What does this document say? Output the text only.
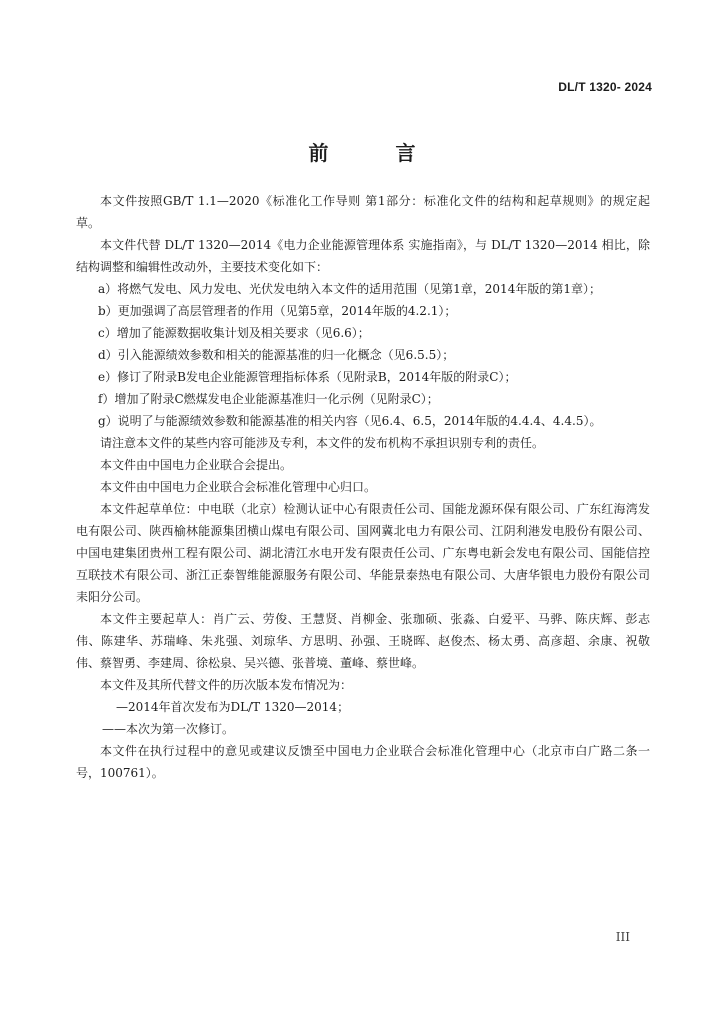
DL/T 1320- 2024
前 言

本文件按照GB/T 1.1—2020《标准化工作导则 第1部分：标准化文件的结构和起草规则》的规定起草。

本文件代替 DL/T 1320—2014《电力企业能源管理体系 实施指南》，与 DL/T 1320—2014 相比，除结构调整和编辑性改动外，主要技术变化如下：

a）将燃气发电、风力发电、光伏发电纳入本文件的适用范围（见第1章，2014年版的第1章）；

b）更加强调了高层管理者的作用（见第5章，2014年版的4.2.1）；

c）增加了能源数据收集计划及相关要求（见6.6）；

d）引入能源绩效参数和相关的能源基准的归一化概念（见6.5.5）；

e）修订了附录B发电企业能源管理指标体系（见附录B，2014年版的附录C）；

f）增加了附录C燃煤发电企业能源基准归一化示例（见附录C）；

g）说明了与能源绩效参数和能源基准的相关内容（见6.4、6.5，2014年版的4.4.4、4.4.5）。

请注意本文件的某些内容可能涉及专利，本文件的发布机构不承担识别专利的责任。

本文件由中国电力企业联合会提出。

本文件由中国电力企业联合会标准化管理中心归口。

本文件起草单位：中电联（北京）检测认证中心有限责任公司、国能龙源环保有限公司、广东红海湾发电有限公司、陕西榆林能源集团横山煤电有限公司、国网冀北电力有限公司、江阴利港发电股份有限公司、中国电建集团贵州工程有限公司、湖北清江水电开发有限责任公司、广东粤电新会发电有限公司、国能信控互联技术有限公司、浙江正泰智维能源服务有限公司、华能景泰热电有限公司、大唐华银电力股份有限公司耒阳分公司。

本文件主要起草人：肖广云、劳俊、王慧贤、肖柳金、张珈硕、张淼、白爱平、马骅、陈庆辉、彭志伟、陈建华、苏瑞峰、朱兆强、刘琼华、方思明、孙强、王晓晖、赵俊杰、杨太勇、高彦超、余康、祝敬伟、蔡智勇、李建周、徐松泉、吴兴德、张普境、董峰、蔡世峰。

本文件及其所代替文件的历次版本发布情况为：

—2014年首次发布为DL/T 1320—2014；

——本次为第一次修订。

本文件在执行过程中的意见或建议反馈至中国电力企业联合会标准化管理中心（北京市白广路二条一号，100761）。

III
